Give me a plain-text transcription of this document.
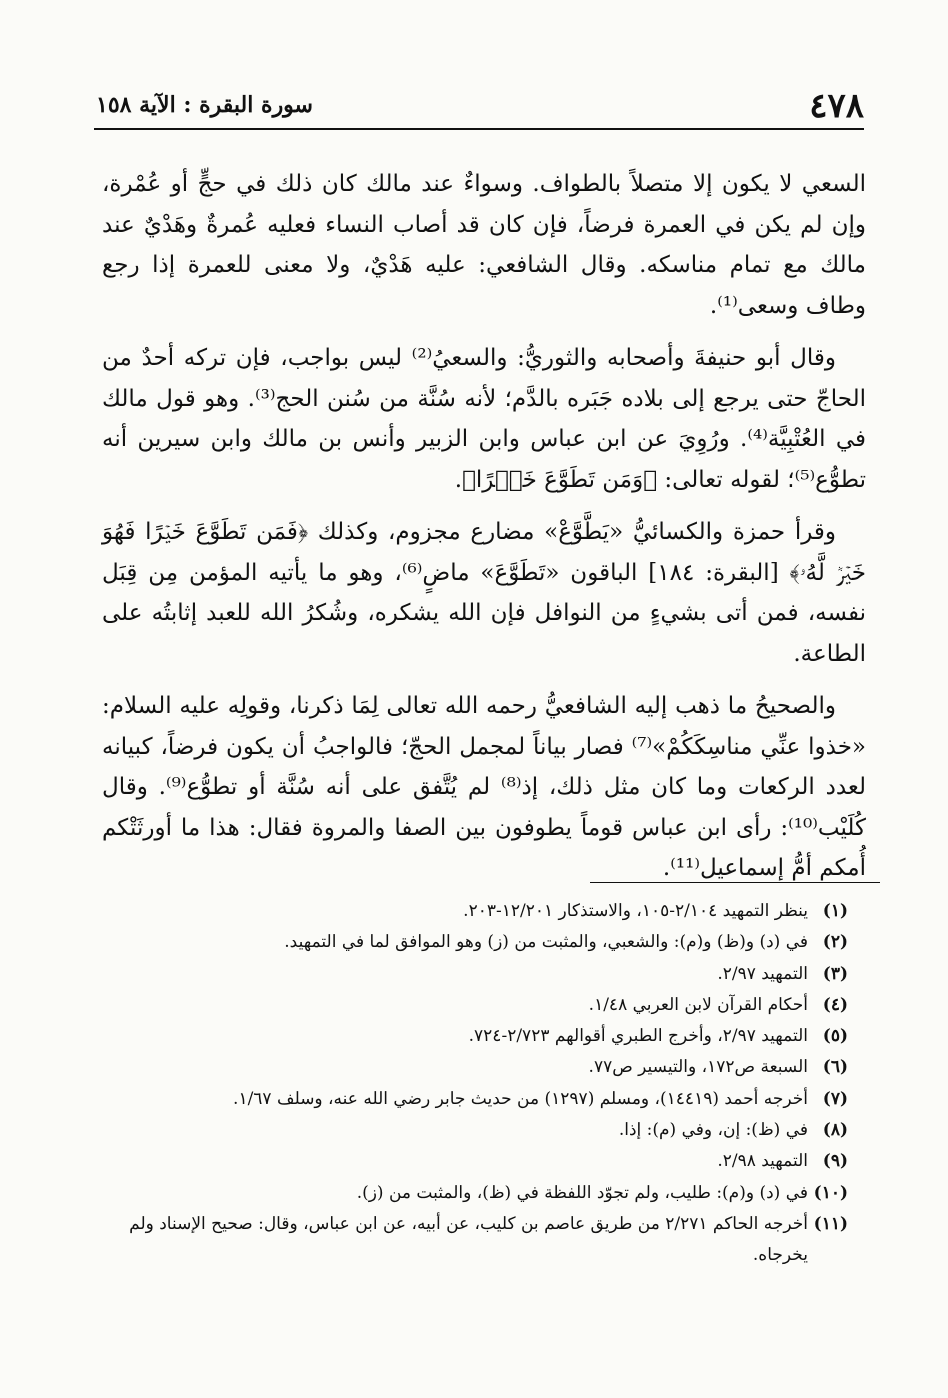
٤٧٨
سورة البقرة : الآية ١٥٨

السعي لا يكون إلا متصلاً بالطواف. وسواءٌ عند مالك كان ذلك في حجٍّ أو عُمْرة، وإن لم يكن في العمرة فرضاً، فإن كان قد أصاب النساء فعليه عُمرةٌ وهَدْيٌ عند مالك مع تمام مناسكه. وقال الشافعي: عليه هَدْيٌ، ولا معنى للعمرة إذا رجع وطاف وسعى⁽¹⁾.

وقال أبو حنيفةَ وأصحابه والثوريُّ: والسعيُ⁽²⁾ ليس بواجب، فإن تركه أحدٌ من الحاجّ حتى يرجع إلى بلاده جَبَره بالدَّم؛ لأنه سُنَّة من سُنن الحج⁽³⁾. وهو قول مالك في العُتْبِيَّة⁽⁴⁾. ورُوِيَ عن ابن عباس وابن الزبير وأنس بن مالك وابن سيرين أنه تطوُّع⁽⁵⁾؛ لقوله تعالى: ﴿وَمَن تَطَوَّعَ خَيۡرًا﴾.

وقرأ حمزة والكسائيُّ «يَطَّوَّعْ» مضارع مجزوم، وكذلك ﴿فَمَن تَطَوَّعَ خَيۡرًا فَهُوَ خَيۡرٞ لَّهُۥ﴾ [البقرة: ١٨٤] الباقون «تَطَوَّعَ» ماضٍ⁽⁶⁾، وهو ما يأتيه المؤمن مِن قِبَل نفسه، فمن أتى بشيءٍ من النوافل فإن الله يشكره، وشُكرُ الله للعبد إثابتُه على الطاعة.

والصحيحُ ما ذهب إليه الشافعيُّ رحمه الله تعالى لِمَا ذكرنا، وقولِه عليه السلام: «خذوا عنِّي مناسِكَكُمْ»⁽⁷⁾ فصار بياناً لمجمل الحجّ؛ فالواجبُ أن يكون فرضاً، كبيانه لعدد الركعات وما كان مثل ذلك، إذ⁽⁸⁾ لم يُتَّفق على أنه سُنَّة أو تطوُّع⁽⁹⁾. وقال كُلَيْب⁽¹⁰⁾: رأى ابن عباس قوماً يطوفون بين الصفا والمروة فقال: هذا ما أورثَتْكم أُمكم أمُّ إسماعيل⁽¹¹⁾.

(١)
ينظر التمهيد ٢/١٠٤-١٠٥، والاستذكار ١٢/٢٠١-٢٠٣.
(٢)
في (د) و(ظ) و(م): والشعبي، والمثبت من (ز) وهو الموافق لما في التمهيد.
(٣)
التمهيد ٢/٩٧.
(٤)
أحكام القرآن لابن العربي ١/٤٨.
(٥)
التمهيد ٢/٩٧، وأخرج الطبري أقوالهم ٢/٧٢٣-٧٢٤.
(٦)
السبعة ص١٧٢، والتيسير ص٧٧.
(٧)
أخرجه أحمد (١٤٤١٩)، ومسلم (١٢٩٧) من حديث جابر رضي الله عنه، وسلف ١/٦٧.
(٨)
في (ظ): إن، وفي (م): إذا.
(٩)
التمهيد ٢/٩٨.
(١٠)
في (د) و(م): طليب، ولم تجوّد اللفظة في (ظ)، والمثبت من (ز).
(١١)
أخرجه الحاكم ٢/٢٧١ من طريق عاصم بن كليب، عن أبيه، عن ابن عباس، وقال: صحيح الإسناد ولم يخرجاه.
